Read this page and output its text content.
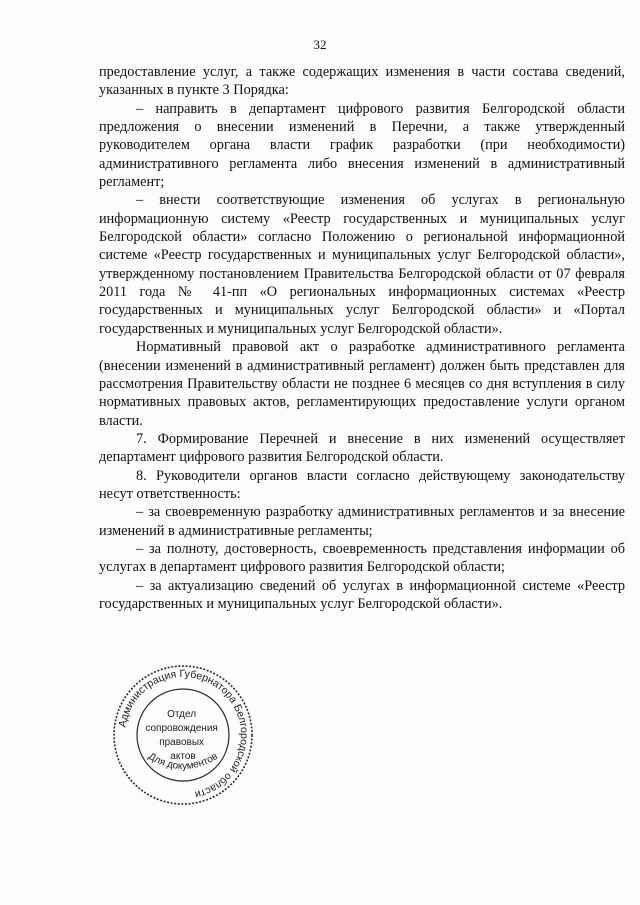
32

предоставление услуг, а также содержащих изменения в части состава сведений, указанных в пункте 3 Порядка:

– направить в департамент цифрового развития Белгородской области предложения о внесении изменений в Перечни, а также утвержденный руководителем органа власти график разработки (при необходимости) административного регламента либо внесения изменений в административный регламент;

– внести соответствующие изменения об услугах в региональную информационную систему «Реестр государственных и муниципальных услуг Белгородской области» согласно Положению о региональной информационной системе «Реестр государственных и муниципальных услуг Белгородской области», утвержденному постановлением Правительства Белгородской области от 07 февраля 2011 года № 41-пп «О региональных информационных системах «Реестр государственных и муниципальных услуг Белгородской области» и «Портал государственных и муниципальных услуг Белгородской области».

Нормативный правовой акт о разработке административного регламента (внесении изменений в административный регламент) должен быть представлен для рассмотрения Правительству области не позднее 6 месяцев со дня вступления в силу нормативных правовых актов, регламентирующих предоставление услуги органом власти.

7. Формирование Перечней и внесение в них изменений осуществляет департамент цифрового развития Белгородской области.

8. Руководители органов власти согласно действующему законодательству несут ответственность:

– за своевременную разработку административных регламентов и за внесение изменений в административные регламенты;

– за полноту, достоверность, своевременность представления информации об услугах в департамент цифрового развития Белгородской области;

– за актуализацию сведений об услугах в информационной системе «Реестр государственных и муниципальных услуг Белгородской области».

Администрация Губернатора Белгородской области
Отдел сопровождения правовых актов
Для документов
